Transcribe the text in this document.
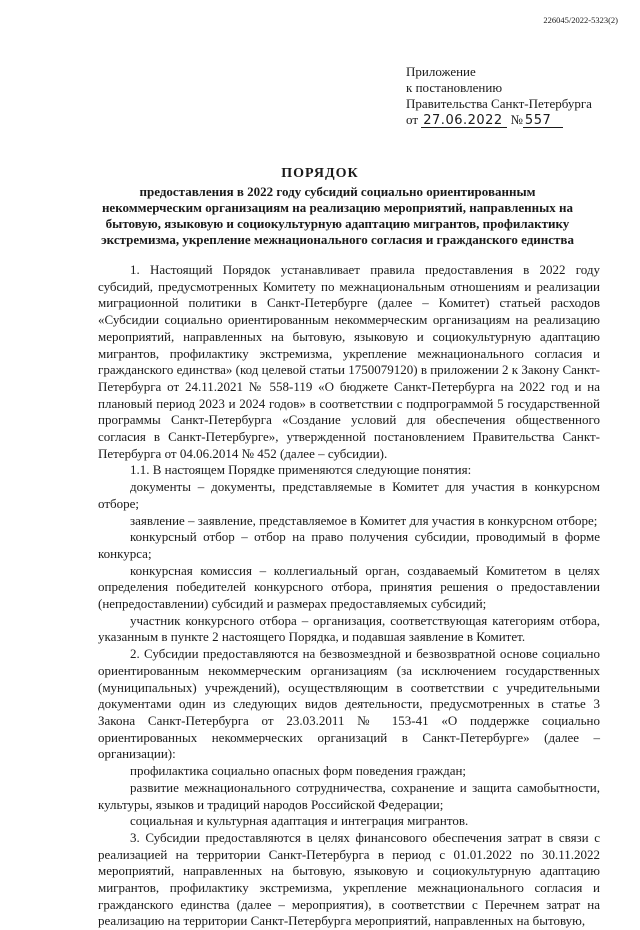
226045/2022-5323(2)
Приложение
к постановлению
Правительства Санкт-Петербурга
от 27.06.2022 № 557
ПОРЯДОК
предоставления в 2022 году субсидий социально ориентированным некоммерческим организациям на реализацию мероприятий, направленных на бытовую, языковую и социокультурную адаптацию мигрантов, профилактику экстремизма, укрепление межнационального согласия и гражданского единства

1. Настоящий Порядок устанавливает правила предоставления в 2022 году субсидий, предусмотренных Комитету по межнациональным отношениям и реализации миграционной политики в Санкт-Петербурге (далее – Комитет) статьей расходов «Субсидии социально ориентированным некоммерческим организациям на реализацию мероприятий, направленных на бытовую, языковую и социокультурную адаптацию мигрантов, профилактику экстремизма, укрепление межнационального согласия и гражданского единства» (код целевой статьи 1750079120) в приложении 2 к Закону Санкт-Петербурга от 24.11.2021 № 558-119 «О бюджете Санкт-Петербурга на 2022 год и на плановый период 2023 и 2024 годов» в соответствии с подпрограммой 5 государственной программы Санкт-Петербурга «Создание условий для обеспечения общественного согласия в Санкт-Петербурге», утвержденной постановлением Правительства Санкт-Петербурга от 04.06.2014 № 452 (далее – субсидии).

1.1. В настоящем Порядке применяются следующие понятия:

документы – документы, представляемые в Комитет для участия в конкурсном отборе;

заявление – заявление, представляемое в Комитет для участия в конкурсном отборе;

конкурсный отбор – отбор на право получения субсидии, проводимый в форме конкурса;

конкурсная комиссия – коллегиальный орган, создаваемый Комитетом в целях определения победителей конкурсного отбора, принятия решения о предоставлении (непредоставлении) субсидий и размерах предоставляемых субсидий;

участник конкурсного отбора – организация, соответствующая категориям отбора, указанным в пункте 2 настоящего Порядка, и подавшая заявление в Комитет.

2. Субсидии предоставляются на безвозмездной и безвозвратной основе социально ориентированным некоммерческим организациям (за исключением государственных (муниципальных) учреждений), осуществляющим в соответствии с учредительными документами один из следующих видов деятельности, предусмотренных в статье 3 Закона Санкт-Петербурга от 23.03.2011 № 153-41 «О поддержке социально ориентированных некоммерческих организаций в Санкт-Петербурге» (далее – организации):

профилактика социально опасных форм поведения граждан;

развитие межнационального сотрудничества, сохранение и защита самобытности, культуры, языков и традиций народов Российской Федерации;

социальная и культурная адаптация и интеграция мигрантов.

3. Субсидии предоставляются в целях финансового обеспечения затрат в связи с реализацией на территории Санкт-Петербурга в период с 01.01.2022 по 30.11.2022 мероприятий, направленных на бытовую, языковую и социокультурную адаптацию мигрантов, профилактику экстремизма, укрепление межнационального согласия и гражданского единства (далее – мероприятия), в соответствии с Перечнем затрат на реализацию на территории Санкт-Петербурга мероприятий, направленных на бытовую,
